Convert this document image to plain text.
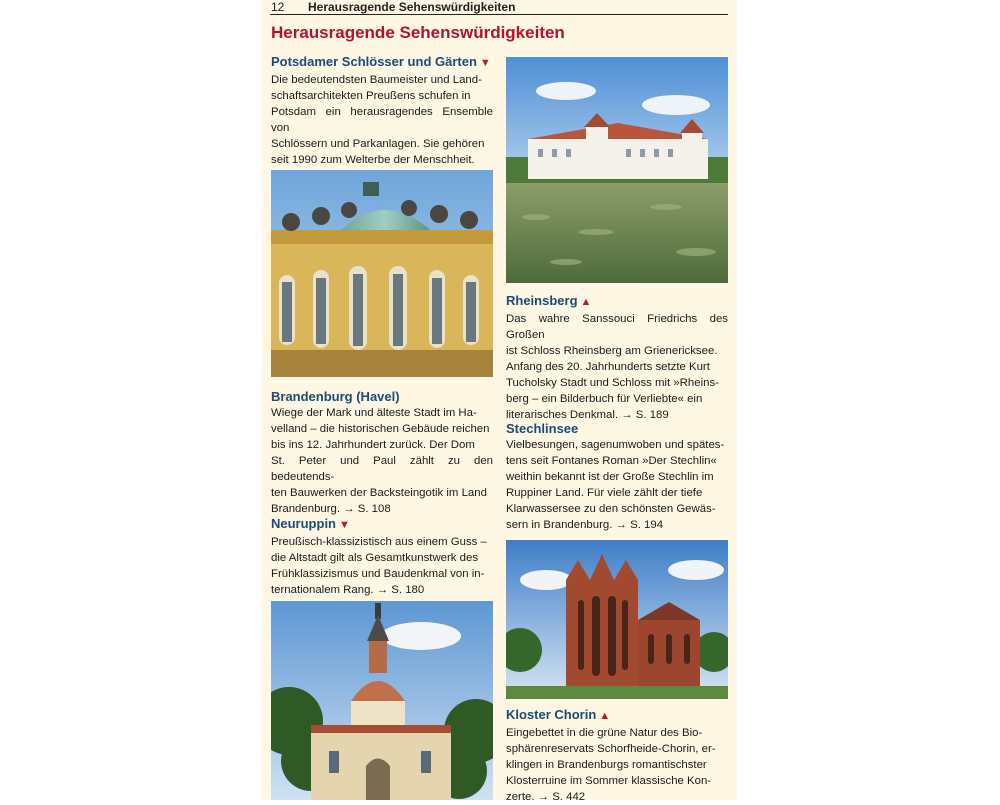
12 Herausragende Sehenswürdigkeiten
Herausragende Sehenswürdigkeiten
Potsdamer Schlösser und Gärten ▼

Die bedeutendsten Baumeister und Land-
schaftsarchitekten Preußens schufen in
Potsdam ein herausragendes Ensemble von
Schlössern und Parkanlagen. Sie gehören
seit 1990 zum Welterbe der Menschheit.

Brandenburg (Havel)

Wiege der Mark und älteste Stadt im Ha-
velland – die historischen Gebäude reichen
bis ins 12. Jahrhundert zurück. Der Dom
St. Peter und Paul zählt zu den bedeutends-
ten Bauwerken der Backsteingotik im Land
Brandenburg. → S. 108

Neuruppin ▼

Preußisch-klassizistisch aus einem Guss –
die Altstadt gilt als Gesamtkunstwerk des
Frühklassizismus und Baudenkmal von in-
ternationalem Rang. → S. 180

Rheinsberg ▲

Das wahre Sanssouci Friedrichs des Großen
ist Schloss Rheinsberg am Grienericksee.
Anfang des 20. Jahrhunderts setzte Kurt
Tucholsky Stadt und Schloss mit »Rheins-
berg – ein Bilderbuch für Verliebte« ein
literarisches Denkmal. → S. 189

Stechlinsee

Vielbesungen, sagenumwoben und spätes-
tens seit Fontanes Roman »Der Stechlin«
weithin bekannt ist der Große Stechlin im
Ruppiner Land. Für viele zählt der tiefe
Klarwassersee zu den schönsten Gewäs-
sern in Brandenburg. → S. 194

Kloster Chorin ▲

Eingebettet in die grüne Natur des Bio-
sphärenreservats Schorfheide-Chorin, er-
klingen in Brandenburgs romantischster
Klosterruine im Sommer klassische Kon-
zerte. → S. 442
